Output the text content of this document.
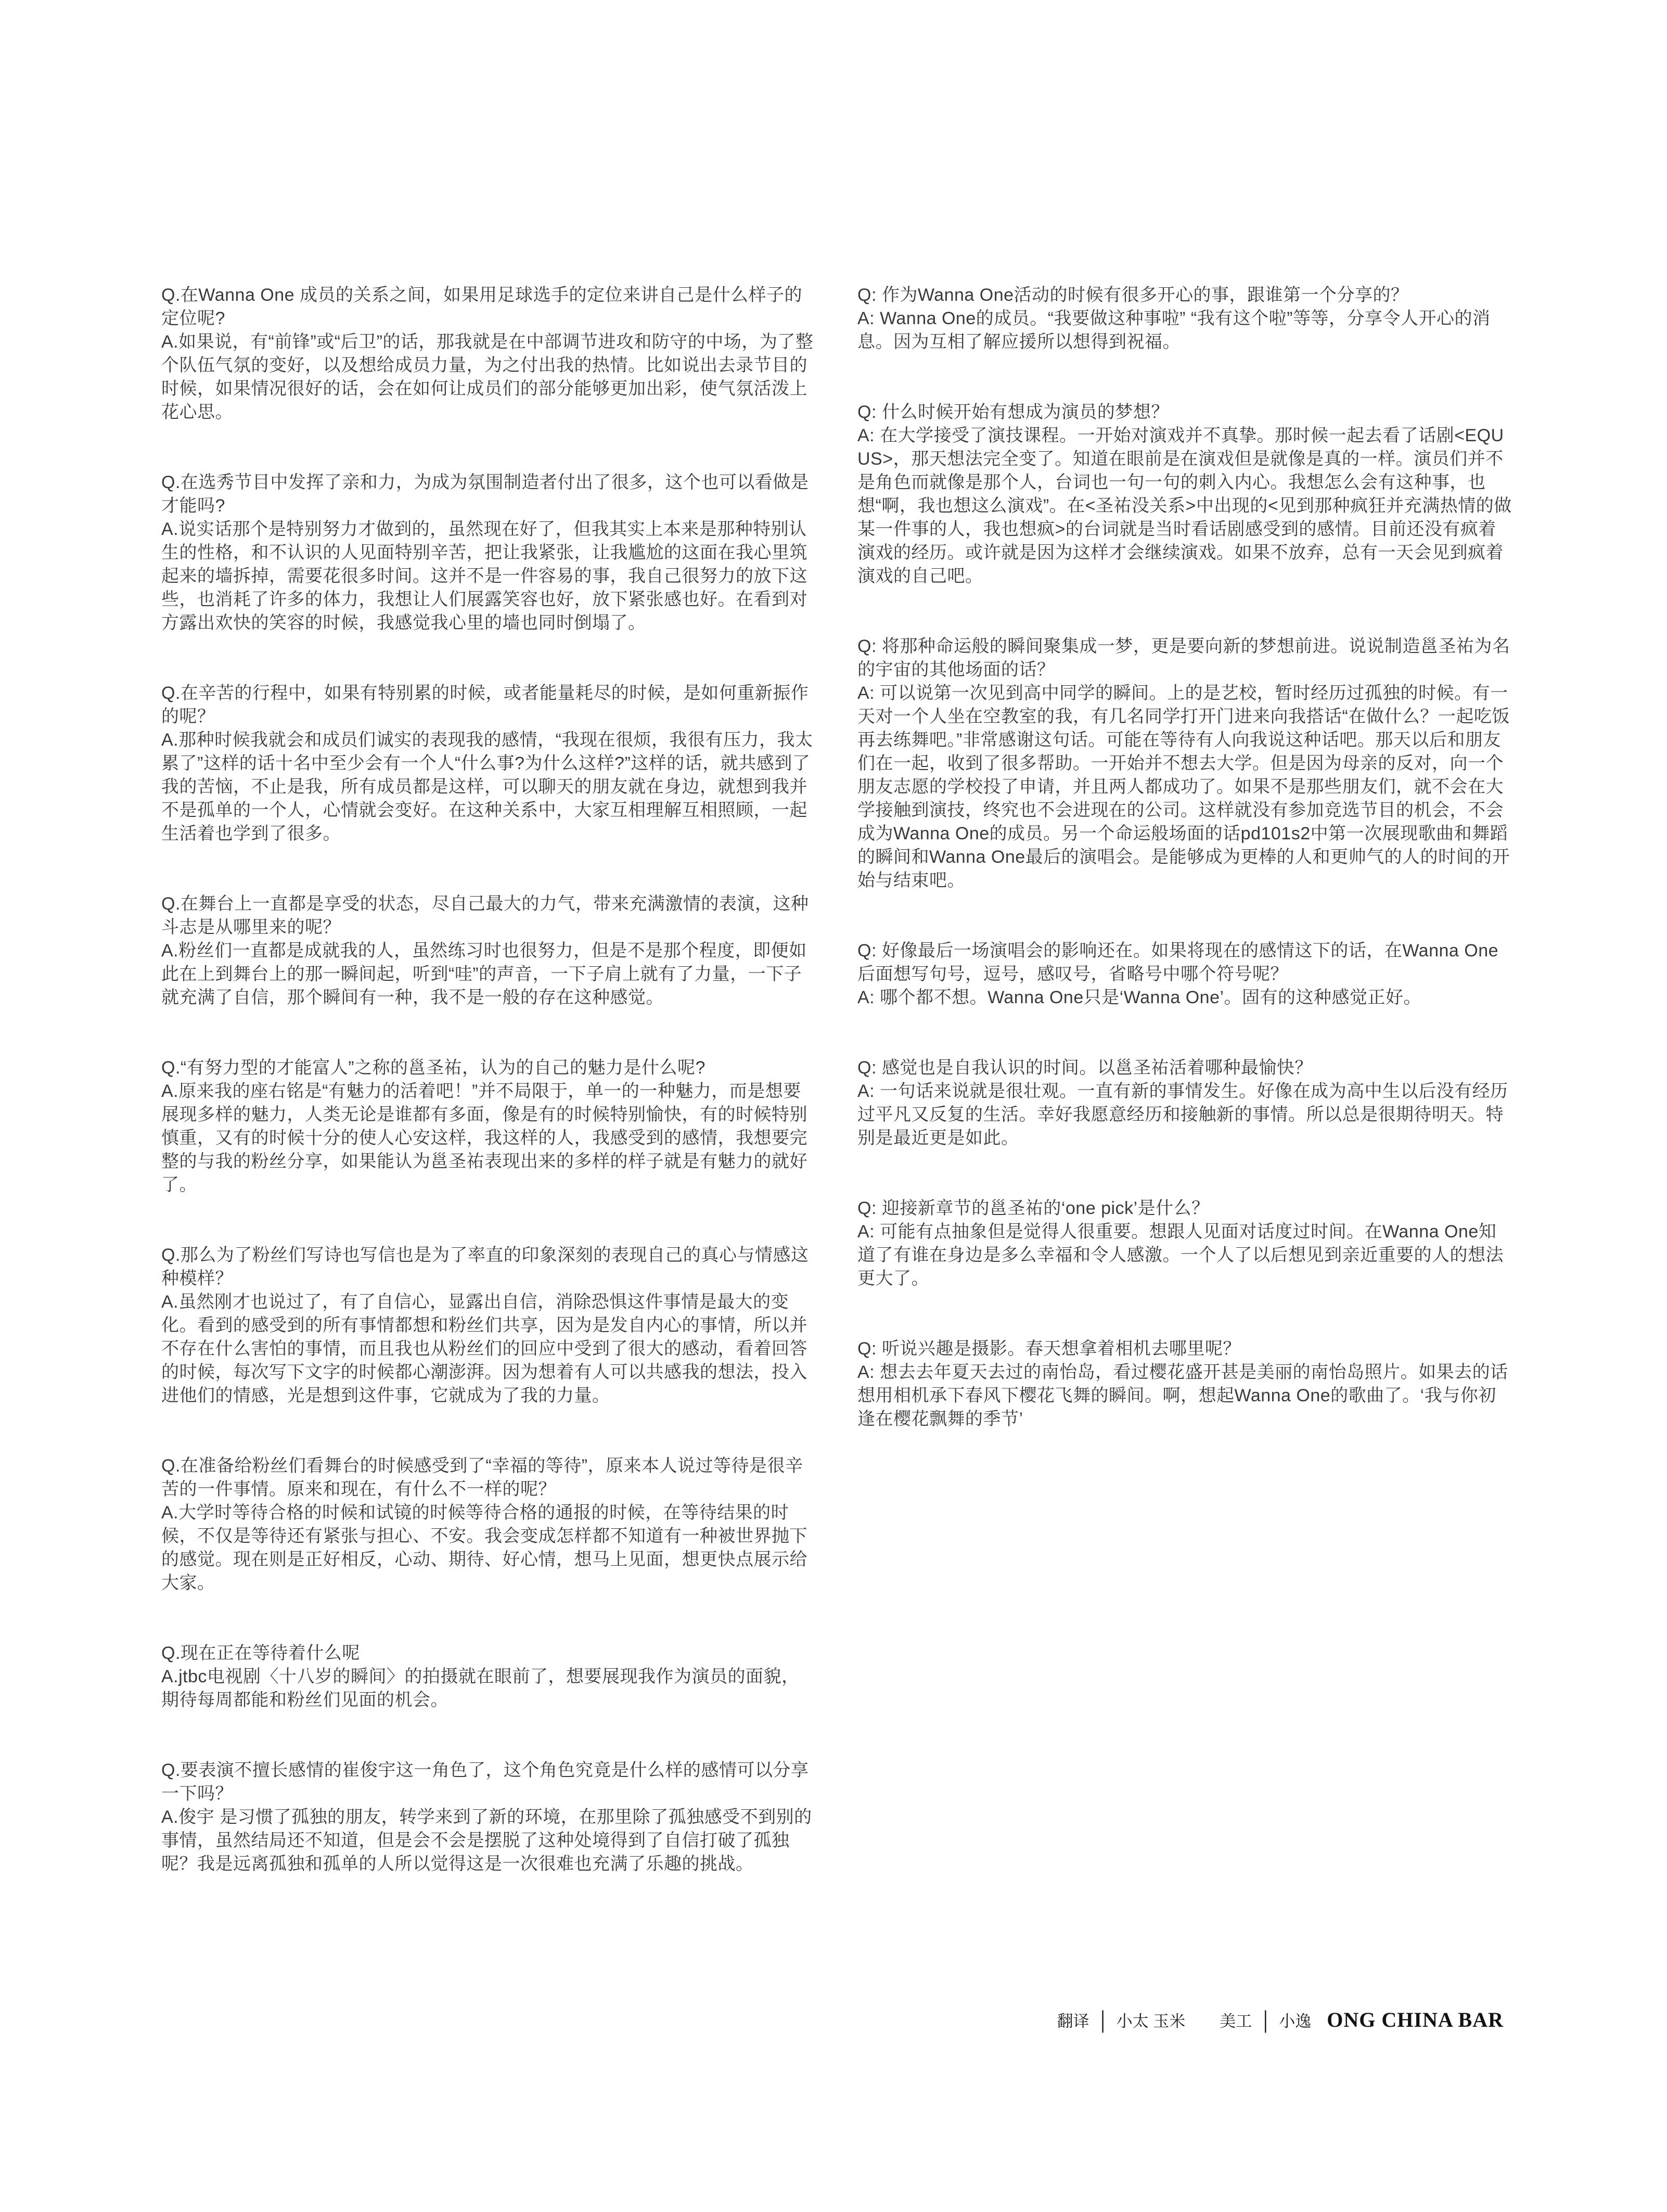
Q.在Wanna One 成员的关系之间，如果用足球选手的定位来讲自己是什么样子的定位呢?

A.如果说，有“前锋”或“后卫”的话，那我就是在中部调节进攻和防守的中场，为了整个队伍气氛的变好，以及想给成员力量，为之付出我的热情。比如说出去录节目的时候，如果情况很好的话，会在如何让成员们的部分能够更加出彩，使气氛活泼上花心思。

Q.在选秀节目中发挥了亲和力，为成为氛围制造者付出了很多，这个也可以看做是才能吗?

A.说实话那个是特别努力才做到的，虽然现在好了，但我其实上本来是那种特别认生的性格，和不认识的人见面特别辛苦，把让我紧张，让我尴尬的这面在我心里筑起来的墙拆掉，需要花很多时间。这并不是一件容易的事，我自己很努力的放下这些，也消耗了许多的体力，我想让人们展露笑容也好，放下紧张感也好。在看到对方露出欢快的笑容的时候，我感觉我心里的墙也同时倒塌了。

Q.在辛苦的行程中，如果有特别累的时候，或者能量耗尽的时候，是如何重新振作的呢？

A.那种时候我就会和成员们诚实的表现我的感情，“我现在很烦，我很有压力，我太累了”这样的话十名中至少会有一个人“什么事?为什么这样?”这样的话，就共感到了我的苦恼，不止是我，所有成员都是这样，可以聊天的朋友就在身边，就想到我并不是孤单的一个人，心情就会变好。在这种关系中，大家互相理解互相照顾，一起生活着也学到了很多。

Q.在舞台上一直都是享受的状态，尽自己最大的力气，带来充满激情的表演，这种斗志是从哪里来的呢？

A.粉丝们一直都是成就我的人，虽然练习时也很努力，但是不是那个程度，即便如此在上到舞台上的那一瞬间起，听到“哇”的声音，一下子肩上就有了力量，一下子就充满了自信，那个瞬间有一种，我不是一般的存在这种感觉。

Q.“有努力型的才能富人”之称的邕圣祐，认为的自己的魅力是什么呢?

A.原来我的座右铭是“有魅力的活着吧！”并不局限于，单一的一种魅力，而是想要展现多样的魅力，人类无论是谁都有多面，像是有的时候特别愉快，有的时候特别慎重，又有的时候十分的使人心安这样，我这样的人，我感受到的感情，我想要完整的与我的粉丝分享，如果能认为邕圣祐表现出来的多样的样子就是有魅力的就好了。

Q.那么为了粉丝们写诗也写信也是为了率直的印象深刻的表现自己的真心与情感这种模样？

A.虽然刚才也说过了，有了自信心，显露出自信，消除恐惧这件事情是最大的变化。看到的感受到的所有事情都想和粉丝们共享，因为是发自内心的事情，所以并不存在什么害怕的事情，而且我也从粉丝们的回应中受到了很大的感动，看着回答的时候，每次写下文字的时候都心潮澎湃。因为想着有人可以共感我的想法，投入进他们的情感，光是想到这件事，它就成为了我的力量。

Q.在准备给粉丝们看舞台的时候感受到了“幸福的等待”，原来本人说过等待是很辛苦的一件事情。原来和现在，有什么不一样的呢？

A.大学时等待合格的时候和试镜的时候等待合格的通报的时候，在等待结果的时候，不仅是等待还有紧张与担心、不安。我会变成怎样都不知道有一种被世界抛下的感觉。现在则是正好相反，心动、期待、好心情，想马上见面，想更快点展示给大家。

Q.现在正在等待着什么呢

A.jtbc电视剧〈十八岁的瞬间〉的拍摄就在眼前了，想要展现我作为演员的面貌，期待每周都能和粉丝们见面的机会。

Q.要表演不擅长感情的崔俊宇这一角色了，这个角色究竟是什么样的感情可以分享一下吗？

A.俊宇 是习惯了孤独的朋友，转学来到了新的环境，在那里除了孤独感受不到别的事情，虽然结局还不知道，但是会不会是摆脱了这种处境得到了自信打破了孤独呢？我是远离孤独和孤单的人所以觉得这是一次很难也充满了乐趣的挑战。

Q: 作为Wanna One活动的时候有很多开心的事，跟谁第一个分享的？

A: Wanna One的成员。“我要做这种事啦” “我有这个啦”等等，分享令人开心的消息。因为互相了解应援所以想得到祝福。

Q: 什么时候开始有想成为演员的梦想？

A: 在大学接受了演技课程。一开始对演戏并不真挚。那时候一起去看了话剧<EQUUS>，那天想法完全变了。知道在眼前是在演戏但是就像是真的一样。演员们并不是角色而就像是那个人，台词也一句一句的刺入内心。我想怎么会有这种事，也想“啊，我也想这么演戏”。在<圣祐没关系>中出现的<见到那种疯狂并充满热情的做某一件事的人，我也想疯>的台词就是当时看话剧感受到的感情。目前还没有疯着演戏的经历。或许就是因为这样才会继续演戏。如果不放弃，总有一天会见到疯着演戏的自己吧。

Q: 将那种命运般的瞬间聚集成一梦，更是要向新的梦想前进。说说制造邕圣祐为名的宇宙的其他场面的话？

A: 可以说第一次见到高中同学的瞬间。上的是艺校，暂时经历过孤独的时候。有一天对一个人坐在空教室的我，有几名同学打开门进来向我搭话“在做什么？一起吃饭再去练舞吧。”非常感谢这句话。可能在等待有人向我说这种话吧。那天以后和朋友们在一起，收到了很多帮助。一开始并不想去大学。但是因为母亲的反对，向一个朋友志愿的学校投了申请，并且两人都成功了。如果不是那些朋友们，就不会在大学接触到演技，终究也不会进现在的公司。这样就没有参加竞选节目的机会，不会成为Wanna One的成员。另一个命运般场面的话pd101s2中第一次展现歌曲和舞蹈的瞬间和Wanna One最后的演唱会。是能够成为更棒的人和更帅气的人的时间的开始与结束吧。

Q: 好像最后一场演唱会的影响还在。如果将现在的感情这下的话，在Wanna One后面想写句号，逗号，感叹号，省略号中哪个符号呢？

A: 哪个都不想。Wanna One只是‘Wanna One’。固有的这种感觉正好。

Q: 感觉也是自我认识的时间。以邕圣祐活着哪种最愉快？

A: 一句话来说就是很壮观。一直有新的事情发生。好像在成为高中生以后没有经历过平凡又反复的生活。幸好我愿意经历和接触新的事情。所以总是很期待明天。特别是最近更是如此。

Q: 迎接新章节的邕圣祐的‘one pick’是什么？

A: 可能有点抽象但是觉得人很重要。想跟人见面对话度过时间。在Wanna One知道了有谁在身边是多么幸福和令人感激。一个人了以后想见到亲近重要的人的想法更大了。

Q: 听说兴趣是摄影。春天想拿着相机去哪里呢？

A: 想去去年夏天去过的南怡岛，看过樱花盛开甚是美丽的南怡岛照片。如果去的话想用相机承下春风下樱花飞舞的瞬间。啊，想起Wanna One的歌曲了。‘我与你初逢在樱花飘舞的季节’

翻译 | 小太 玉米 美工 | 小逸 ONG CHINA BAR
